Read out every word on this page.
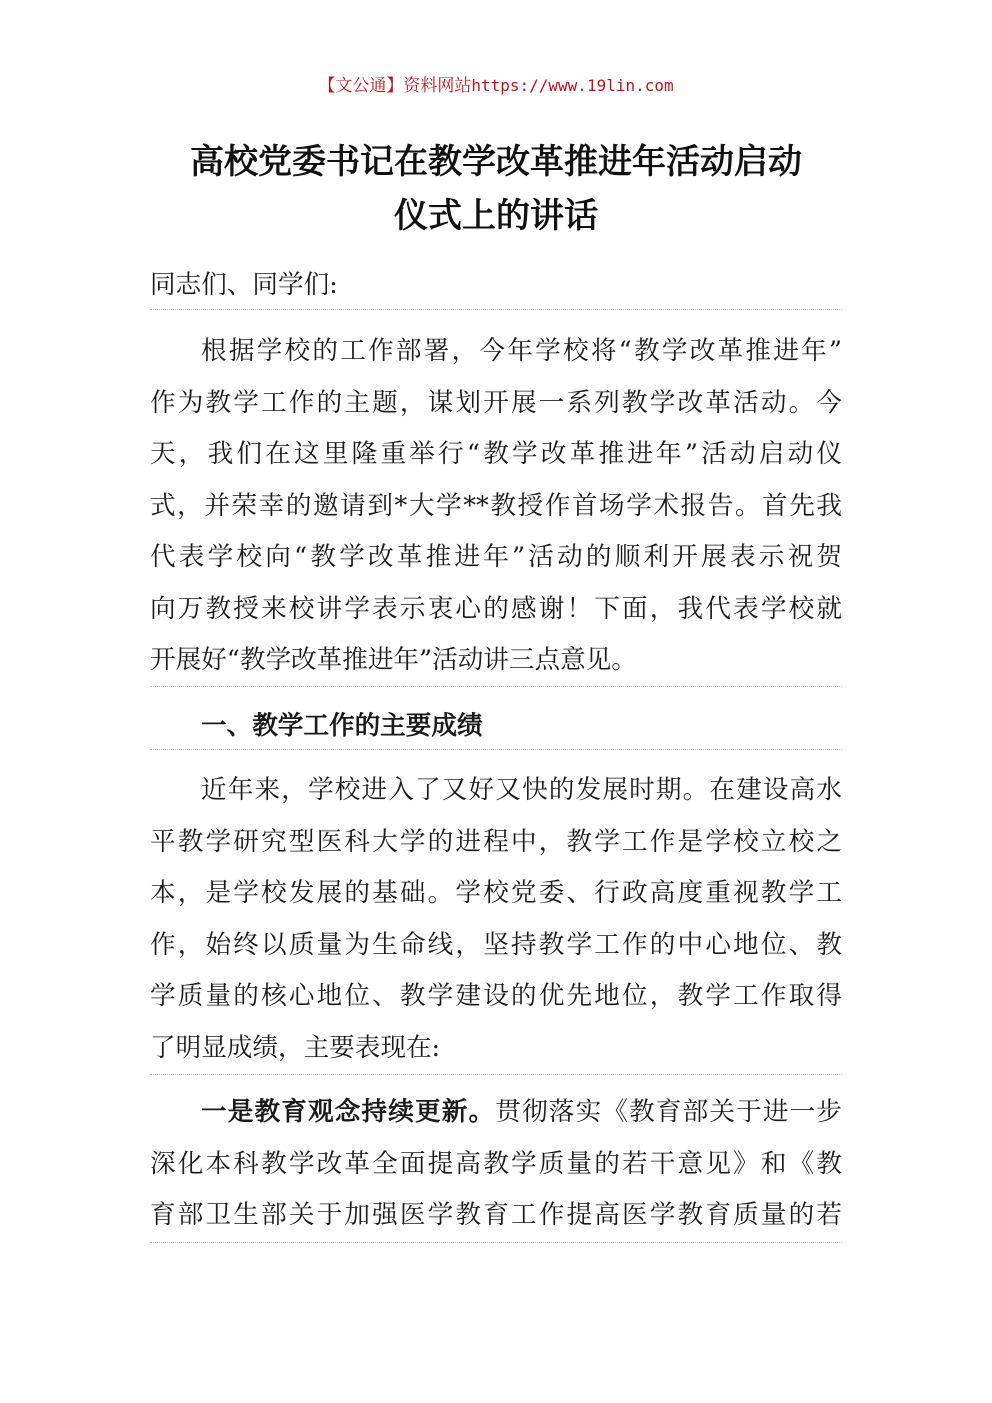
【文公通】资料网站https://www.19lin.com
高校党委书记在教学改革推进年活动启动
仪式上的讲话
同志们、同学们:
根据学校的工作部署，今年学校将“教学改革推进年”
作为教学工作的主题，谋划开展一系列教学改革活动。今
天，我们在这里隆重举行“教学改革推进年”活动启动仪
式，并荣幸的邀请到*大学**教授作首场学术报告。首先我
代表学校向“教学改革推进年”活动的顺利开展表示祝贺
向万教授来校讲学表示衷心的感谢！下面，我代表学校就
开展好“教学改革推进年”活动讲三点意见。
一、教学工作的主要成绩
近年来，学校进入了又好又快的发展时期。在建设高水
平教学研究型医科大学的进程中，教学工作是学校立校之
本，是学校发展的基础。学校党委、行政高度重视教学工
作，始终以质量为生命线，坚持教学工作的中心地位、教
学质量的核心地位、教学建设的优先地位，教学工作取得
了明显成绩，主要表现在:
一是教育观念持续更新。贯彻落实《教育部关于进一步
深化本科教学改革全面提高教学质量的若干意见》和《教
育部卫生部关于加强医学教育工作提高医学教育质量的若
